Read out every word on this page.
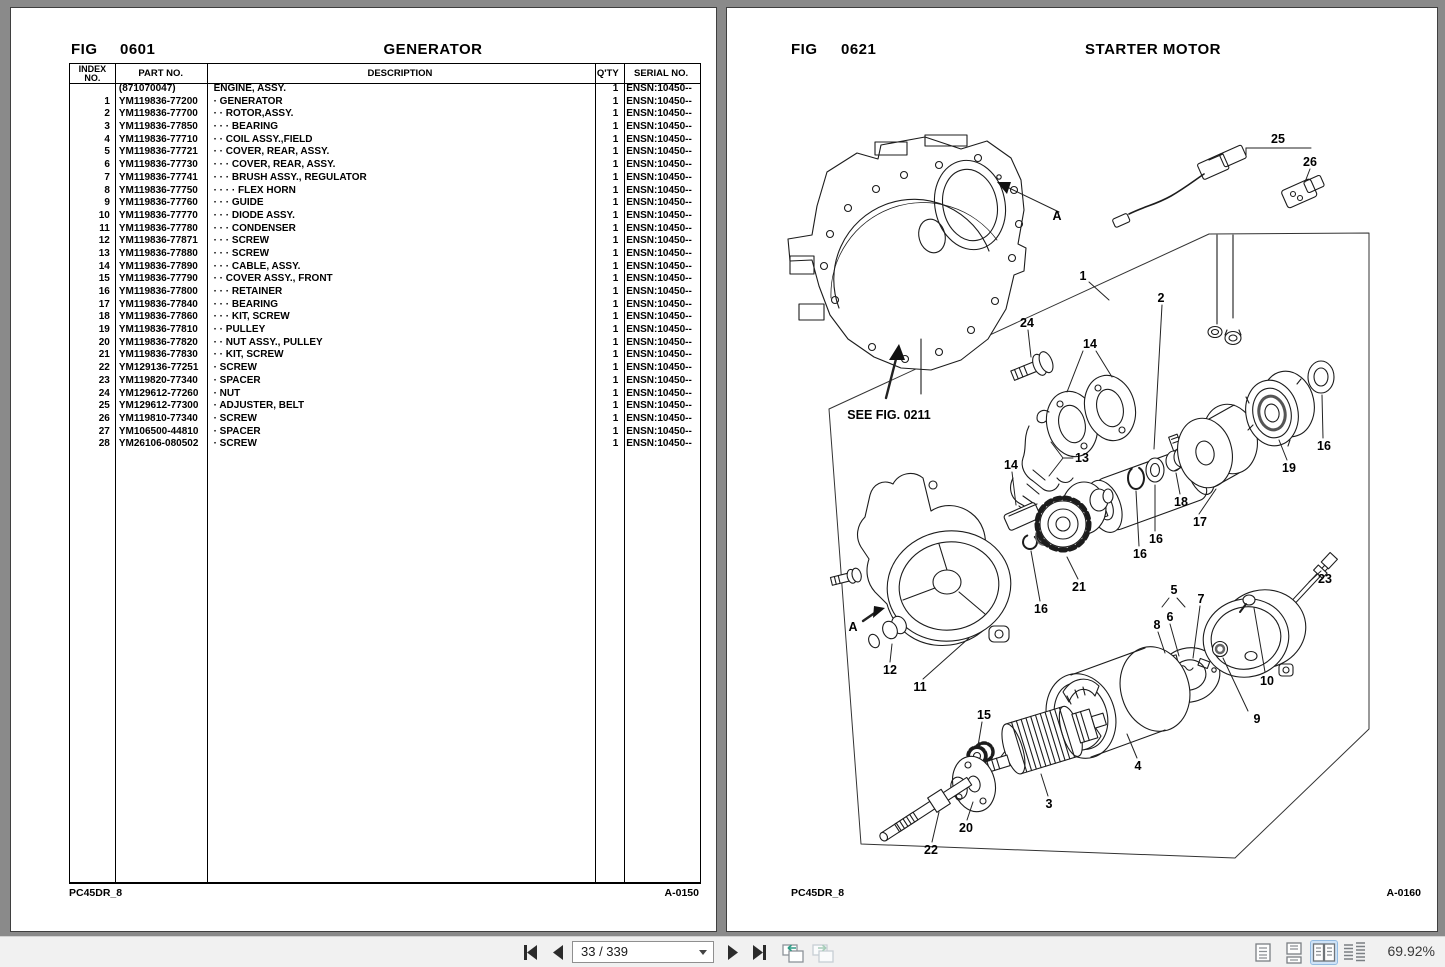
FIG 0601	GENERATOR
INDEX
NO.	PART NO.	DESCRIPTION	Q'TY	SERIAL NO.
(871070047)	ENGINE, ASSY.	1 ENSN:10450--
1 YM119836-77200	· GENERATOR	1 ENSN:10450--
2 YM119836-77700	· · ROTOR,ASSY.	1 ENSN:10450--
3 YM119836-77850	· · · BEARING	1 ENSN:10450--
4 YM119836-77710	· · COIL ASSY.,FIELD	1 ENSN:10450--
5 YM119836-77721	· · COVER, REAR, ASSY.	1 ENSN:10450--
6 YM119836-77730	· · · COVER, REAR, ASSY.	1 ENSN:10450--
7 YM119836-77741	· · · BRUSH ASSY., REGULATOR	1 ENSN:10450--
8 YM119836-77750	· · · · FLEX HORN	1 ENSN:10450--
9 YM119836-77760	· · · GUIDE	1 ENSN:10450--
10 YM119836-77770	· · · DIODE ASSY.	1 ENSN:10450--
11 YM119836-77780	· · · CONDENSER	1 ENSN:10450--
12 YM119836-77871	· · · SCREW	1 ENSN:10450--
13 YM119836-77880	· · · SCREW	1 ENSN:10450--
14 YM119836-77890	· · · CABLE, ASSY.	1 ENSN:10450--
15 YM119836-77790	· · COVER ASSY., FRONT	1 ENSN:10450--
16 YM119836-77800	· · · RETAINER	1 ENSN:10450--
17 YM119836-77840	· · · BEARING	1 ENSN:10450--
18 YM119836-77860	· · · KIT, SCREW	1 ENSN:10450--
19 YM119836-77810	· · PULLEY	1 ENSN:10450--
20 YM119836-77820	· · NUT ASSY., PULLEY	1 ENSN:10450--
21 YM119836-77830	· · KIT, SCREW	1 ENSN:10450--
22 YM129136-77251	· SCREW	1 ENSN:10450--
23 YM119820-77340	· SPACER	1 ENSN:10450--
24 YM129612-77260	· NUT	1 ENSN:10450--
25 YM129612-77300	· ADJUSTER, BELT	1 ENSN:10450--
26 YM119810-77340	· SCREW	1 ENSN:10450--
27 YM106500-44810	· SPACER	1 ENSN:10450--
28 YM26106-080502	· SCREW	1 ENSN:10450--
PC45DR_8	A-0150
FIG 0621	STARTER MOTOR
25
26
A
1
2
24
14
SEE FIG. 0211
13
14
16
19
18
17
16
16
21
16
23
5
7
6
8
A
12
11	10
9
15
4
3
20
22
PC45DR_8	A-0160
33 / 339	69.92%
